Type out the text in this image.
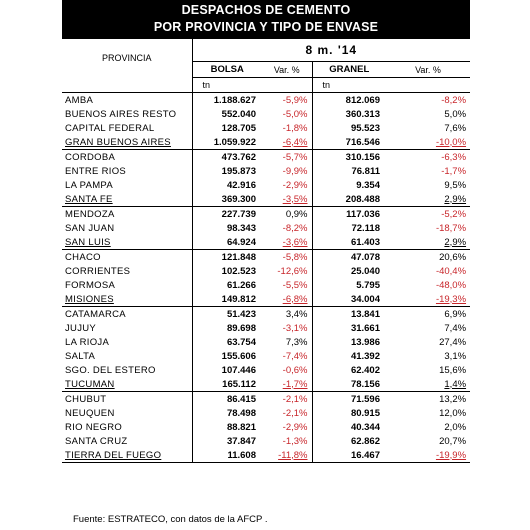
DESPACHOS DE CEMENTO
POR PROVINCIA Y TIPO DE ENVASE
PROVINCIA	8 m. '14			
	BOLSA	Var. %	GRANEL	Var. %
	tn		tn	
AMBA	1.188.627	-5,9%	812.069	-8,2%
BUENOS AIRES RESTO	552.040	-5,0%	360.313	5,0%
CAPITAL FEDERAL	128.705	-1,8%	95.523	7,6%
GRAN BUENOS AIRES	1.059.922	-6,4%	716.546	-10,0%
CORDOBA	473.762	-5,7%	310.156	-6,3%
ENTRE RIOS	195.873	-9,9%	76.811	-1,7%
LA PAMPA	42.916	-2,9%	9.354	9,5%
SANTA FE	369.300	-3,5%	208.488	2,9%
MENDOZA	227.739	0,9%	117.036	-5,2%
SAN JUAN	98.343	-8,2%	72.118	-18,7%
SAN LUIS	64.924	-3,6%	61.403	2,9%
CHACO	121.848	-5,8%	47.078	20,6%
CORRIENTES	102.523	-12,6%	25.040	-40,4%
FORMOSA	61.266	-5,5%	5.795	-48,0%
MISIONES	149.812	-6,8%	34.004	-19,3%
CATAMARCA	51.423	3,4%	13.841	6,9%
JUJUY	89.698	-3,1%	31.661	7,4%
LA RIOJA	63.754	7,3%	13.986	27,4%
SALTA	155.606	-7,4%	41.392	3,1%
SGO. DEL ESTERO	107.446	-0,6%	62.402	15,6%
TUCUMAN	165.112	-1,7%	78.156	1,4%
CHUBUT	86.415	-2,1%	71.596	13,2%
NEUQUEN	78.498	-2,1%	80.915	12,0%
RIO NEGRO	88.821	-2,9%	40.344	2,0%
SANTA CRUZ	37.847	-1,3%	62.862	20,7%
TIERRA DEL FUEGO	11.608	-11,8%	16.467	-19,9%
Fuente: ESTRATECO, con datos de la AFCP .
